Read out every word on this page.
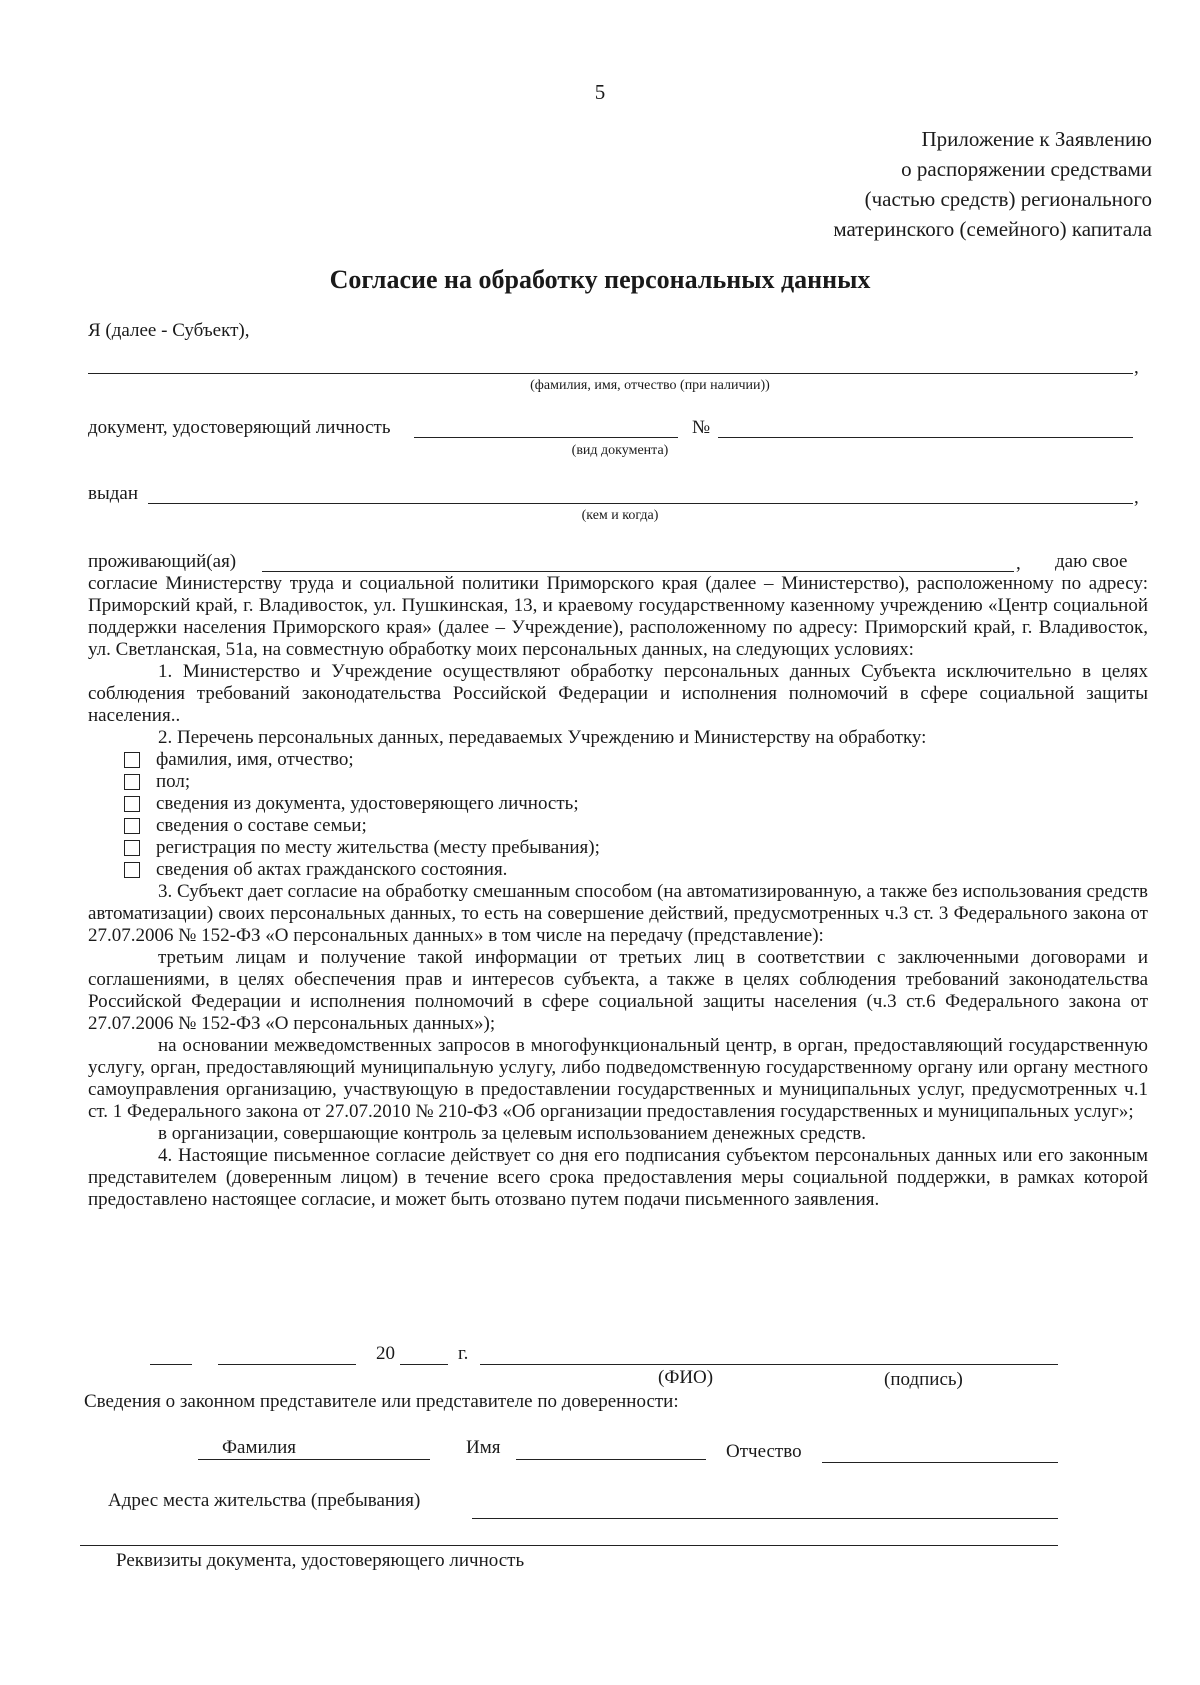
5
Приложение к Заявлению
о распоряжении средствами
(частью средств) регионального
материнского (семейного) капитала
Согласие на обработку персональных данных
Я (далее - Субъект),
,
(фамилия, имя, отчество (при наличии))
документ, удостоверяющий личность	№
(вид документа)
выдан	,
(кем и когда)
проживающий(ая)	, даю свое

согласие Министерству труда и социальной политики Приморского края (далее – Министерство), расположенному по адресу: Приморский край, г. Владивосток, ул. Пушкинская, 13, и краевому государственному казенному учреждению «Центр социальной поддержки населения Приморского края» (далее – Учреждение), расположенному по адресу: Приморский край, г. Владивосток, ул. Светланская, 51а, на совместную обработку моих персональных данных, на следующих условиях:

1. Министерство и Учреждение осуществляют обработку персональных данных Субъекта исключительно в целях соблюдения требований законодательства Российской Федерации и исполнения полномочий в сфере социальной защиты населения..

2. Перечень персональных данных, передаваемых Учреждению и Министерству на обработку:

фамилия, имя, отчество;
пол;
сведения из документа, удостоверяющего личность;
сведения о составе семьи;
регистрация по месту жительства (месту пребывания);
сведения об актах гражданского состояния.

3. Субъект дает согласие на обработку смешанным способом (на автоматизированную, а также без использования средств автоматизации) своих персональных данных, то есть на совершение действий, предусмотренных ч.3 ст. 3 Федерального закона от 27.07.2006 № 152-ФЗ «О персональных данных» в том числе на передачу (представление):

третьим лицам и получение такой информации от третьих лиц в соответствии с заключенными договорами и соглашениями, в целях обеспечения прав и интересов субъекта, а также в целях соблюдения требований законодательства Российской Федерации и исполнения полномочий в сфере социальной защиты населения (ч.3 ст.6 Федерального закона от 27.07.2006 № 152-ФЗ «О персональных данных»);

на основании межведомственных запросов в многофункциональный центр, в орган, предоставляющий государственную услугу, орган, предоставляющий муниципальную услугу, либо подведомственную государственному органу или органу местного самоуправления организацию, участвующую в предоставлении государственных и муниципальных услуг, предусмотренных ч.1 ст. 1 Федерального закона от 27.07.2010 № 210-ФЗ «Об организации предоставления государственных и муниципальных услуг»;

в организации, совершающие контроль за целевым использованием денежных средств.

4. Настоящие письменное согласие действует со дня его подписания субъектом персональных данных или его законным представителем (доверенным лицом) в течение всего срока предоставления меры социальной поддержки, в рамках которой предоставлено настоящее согласие, и может быть отозвано путем подачи письменного заявления.

20	г.
(ФИО)	(подпись)
Сведения о законном представителе или представителе по доверенности:
Фамилия	Имя	Отчество
Адрес места жительства (пребывания)
Реквизиты документа, удостоверяющего личность
